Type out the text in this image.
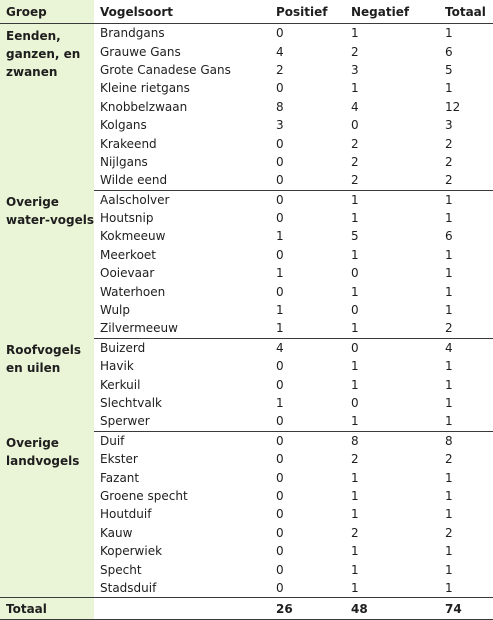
Groep	Vogelsoort	Positief	Negatief	Totaal
Eenden, ganzen, en zwanen	Brandgans	0	1	1
	Grauwe Gans	4	2	6
	Grote Canadese Gans	2	3	5
	Kleine rietgans	0	1	1
	Knobbelzwaan	8	4	12
	Kolgans	3	0	3
	Krakeend	0	2	2
	Nijlgans	0	2	2
	Wilde eend	0	2	2
Overige water-vogels	Aalscholver	0	1	1
	Houtsnip	0	1	1
	Kokmeeuw	1	5	6
	Meerkoet	0	1	1
	Ooievaar	1	0	1
	Waterhoen	0	1	1
	Wulp	1	0	1
	Zilvermeeuw	1	1	2
Roofvogels en uilen	Buizerd	4	0	4
	Havik	0	1	1
	Kerkuil	0	1	1
	Slechtvalk	1	0	1
	Sperwer	0	1	1
Overige landvogels	Duif	0	8	8
	Ekster	0	2	2
	Fazant	0	1	1
	Groene specht	0	1	1
	Houtduif	0	1	1
	Kauw	0	2	2
	Koperwiek	0	1	1
	Specht	0	1	1
	Stadsduif	0	1	1
Totaal		26	48	74
